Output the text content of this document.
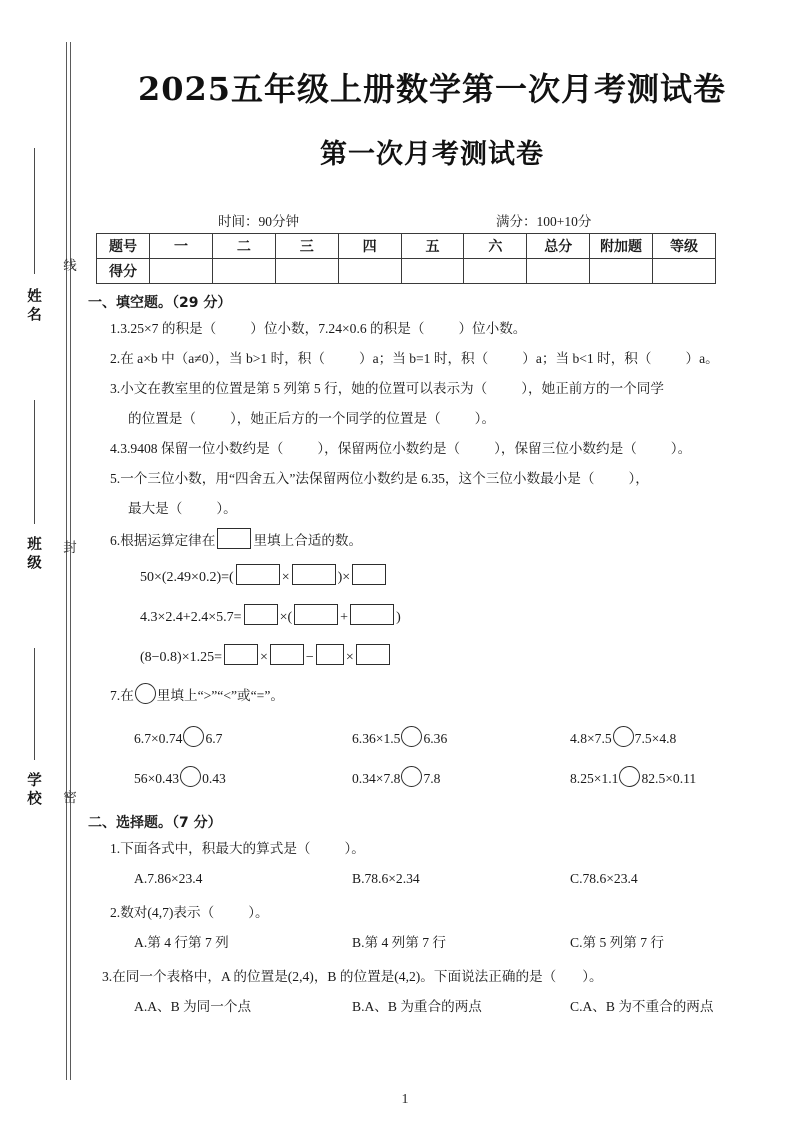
线
封
密
姓名
班级
学校
2025五年级上册数学第一次月考测试卷
第一次月考测试卷
时间：90分钟	满分：100+10分
题号	一	二	三	四	五	六	总分	附加题	等级
得分									
一、填空题。（29 分）
1.3.25×7 的积是（	）位小数，7.24×0.6 的积是（	）位小数。
2.在 a×b 中（a≠0），当 b>1 时，积（	）a；当 b=1 时，积（	）a；当 b<1 时，积（	）a。
3.小文在教室里的位置是第 5 列第 5 行，她的位置可以表示为（	），她正前方的一个同学
的位置是（	），她正后方的一个同学的位置是（	）。
4.3.9408 保留一位小数约是（	），保留两位小数约是（	），保留三位小数约是（	）。
5.一个三位小数，用“四舍五入”法保留两位小数约是 6.35，这个三位小数最小是（	），
最大是（	）。
6.根据运算定律在	里填上合适的数。
50×(2.49×0.2)=(	×	)×
4.3×2.4+2.4×5.7=	×(	+	)
(8−0.8)×1.25=	×	− ×
7.在 里填上“>”“<”或“=”。
6.7×0.74 6.7	6.36×1.5 6.36	4.8×7.5 7.5×4.8
56×0.43 0.43	0.34×7.8 7.8	8.25×1.1 82.5×0.11
二、选择题。（7 分）
1.下面各式中，积最大的算式是（	）。
A.7.86×23.4	B.78.6×2.34	C.78.6×23.4
2.数对(4,7)表示（	）。
A.第 4 行第 7 列	B.第 4 列第 7 行	C.第 5 列第 7 行
3.在同一个表格中，A 的位置是(2,4)，B 的位置是(4,2)。下面说法正确的是（ ）。
A.A、B 为同一个点	B.A、B 为重合的两点	C.A、B 为不重合的两点
1
